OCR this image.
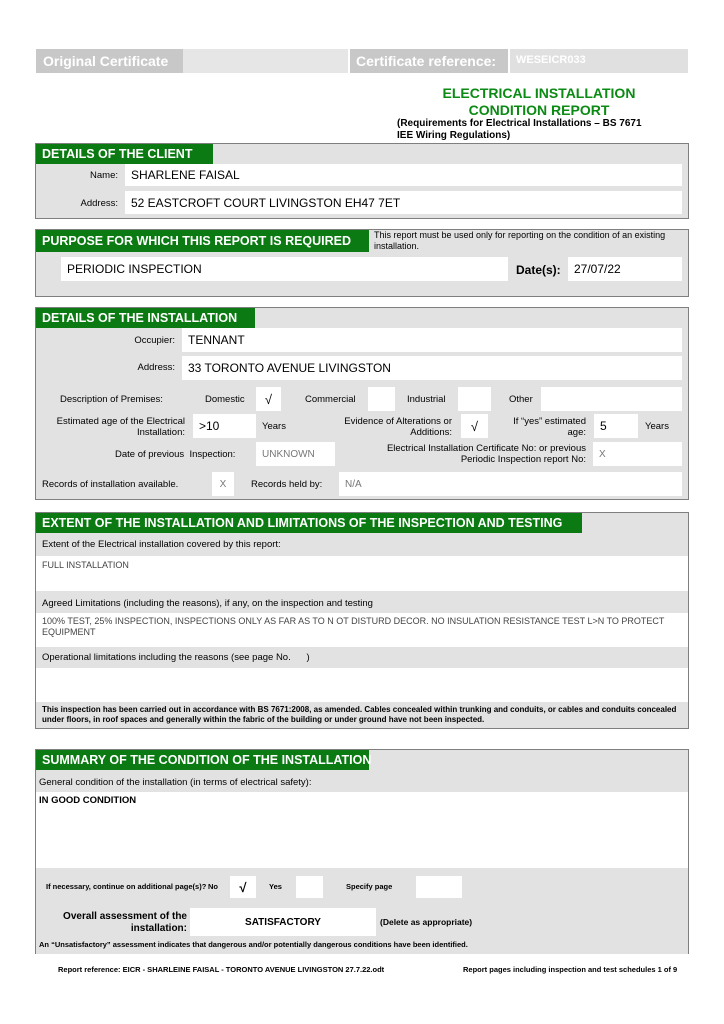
Original Certificate	Certificate reference:	WESEICR033
ELECTRICAL INSTALLATION
CONDITION REPORT
(Requirements for Electrical Installations – BS 7671
IEE Wiring Regulations)
DETAILS OF THE CLIENT
Name:	SHARLENE FAISAL
Address:	52 EASTCROFT COURT LIVINGSTON EH47 7ET
PURPOSE FOR WHICH THIS REPORT IS REQUIRED	This report must be used only for reporting on the condition of an existing installation.
PERIODIC INSPECTION	Date(s):	27/07/22
DETAILS OF THE INSTALLATION
Occupier:	TENNANT
Address:	33 TORONTO AVENUE LIVINGSTON
Description of Premises:	Domestic	√	Commercial	Industrial	Other
Estimated age of the Electrical Installation:	>10	Years	Evidence of Alterations or Additions:	√	If “yes” estimated age:	5	Years
Date of previous  Inspection:	UNKNOWN	Electrical Installation Certificate No: or previous Periodic Inspection report No:	X
Records of installation available.	X	Records held by:	N/A
EXTENT OF THE INSTALLATION AND LIMITATIONS OF THE INSPECTION AND TESTING
Extent of the Electrical installation covered by this report:
FULL INSTALLATION
Agreed Limitations (including the reasons), if any, on the inspection and testing
100% TEST, 25% INSPECTION, INSPECTIONS ONLY AS FAR AS TO N OT DISTURD DECOR. NO INSULATION RESISTANCE TEST L>N TO PROTECT EQUIPMENT
Operational limitations including the reasons (see page No.      )
This inspection has been carried out in accordance with BS 7671:2008, as amended. Cables concealed within trunking and conduits, or cables and conduits concealed under floors, in roof spaces and generally within the fabric of the building or under ground have not been inspected.
SUMMARY OF THE CONDITION OF THE INSTALLATION
General condition of the installation (in terms of electrical safety):
IN GOOD CONDITION
If necessary, continue on additional page(s)? No	√	Yes	Specify page
Overall assessment of the installation:
SATISFACTORY	(Delete as appropriate)
An “Unsatisfactory” assessment indicates that dangerous and/or potentially dangerous conditions have been identified.
Report reference: EICR - SHARLEINE FAISAL - TORONTO AVENUE LIVINGSTON 27.7.22.odt	Report pages including inspection and test schedules 1 of 9
